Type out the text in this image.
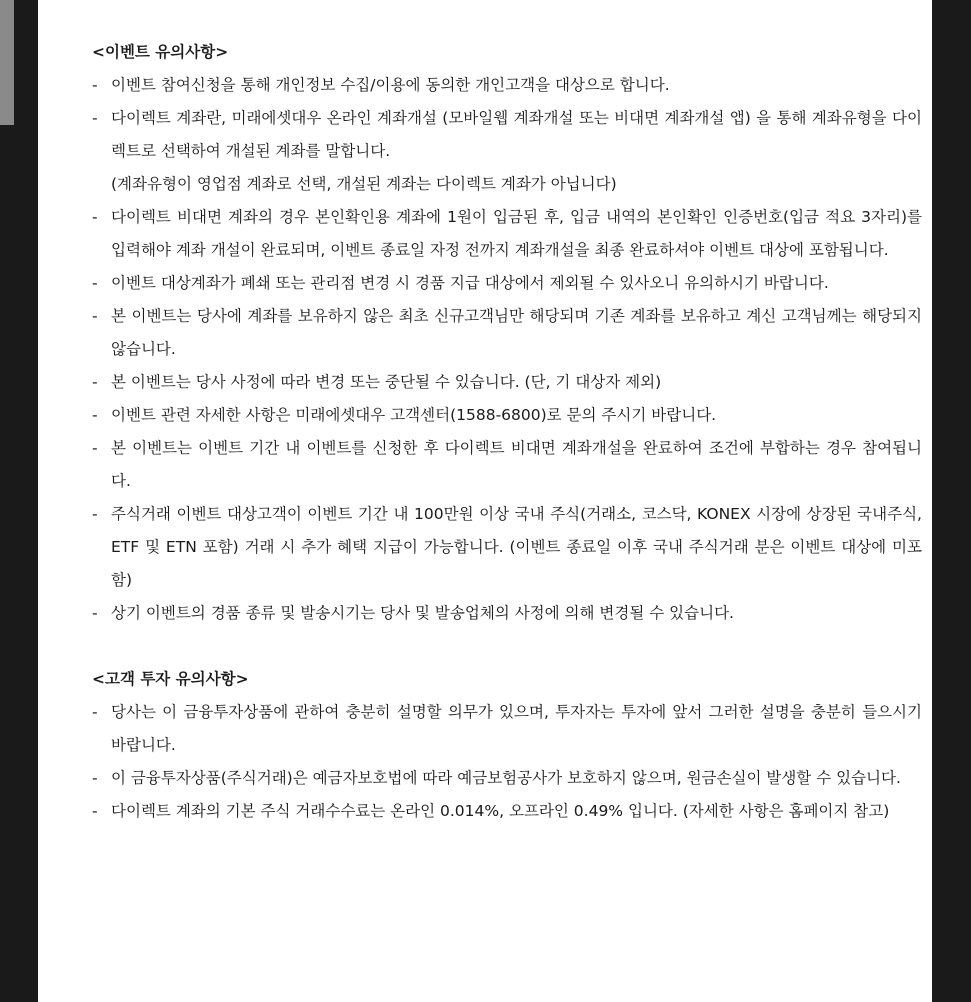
<이벤트 유의사항>
- 이벤트 참여신청을 통해 개인정보 수집/이용에 동의한 개인고객을 대상으로 합니다.
- 다이렉트 계좌란, 미래에셋대우 온라인 계좌개설 (모바일웹 계좌개설 또는 비대면 계좌개설 앱) 을 통해 계좌유형을 다이렉트로 선택하여 개설된 계좌를 말합니다.
(계좌유형이 영업점 계좌로 선택, 개설된 계좌는 다이렉트 계좌가 아닙니다)
- 다이렉트 비대면 계좌의 경우 본인확인용 계좌에 1원이 입금된 후, 입금 내역의 본인확인 인증번호(입금 적요 3자리)를 입력해야 계좌 개설이 완료되며, 이벤트 종료일 자정 전까지 계좌개설을 최종 완료하셔야 이벤트 대상에 포함됩니다.
- 이벤트 대상계좌가 폐쇄 또는 관리점 변경 시 경품 지급 대상에서 제외될 수 있사오니 유의하시기 바랍니다.
- 본 이벤트는 당사에 계좌를 보유하지 않은 최초 신규고객님만 해당되며 기존 계좌를 보유하고 계신 고객님께는 해당되지 않습니다.
- 본 이벤트는 당사 사정에 따라 변경 또는 중단될 수 있습니다. (단, 기 대상자 제외)
- 이벤트 관련 자세한 사항은 미래에셋대우 고객센터(1588-6800)로 문의 주시기 바랍니다.
- 본 이벤트는 이벤트 기간 내 이벤트를 신청한 후 다이렉트 비대면 계좌개설을 완료하여 조건에 부합하는 경우 참여됩니다.
- 주식거래 이벤트 대상고객이 이벤트 기간 내 100만원 이상 국내 주식(거래소, 코스닥, KONEX 시장에 상장된 국내주식, ETF 및 ETN 포함) 거래 시 추가 혜택 지급이 가능합니다. (이벤트 종료일 이후 국내 주식거래 분은 이벤트 대상에 미포함)
- 상기 이벤트의 경품 종류 및 발송시기는 당사 및 발송업체의 사정에 의해 변경될 수 있습니다.
<고객 투자 유의사항>
- 당사는 이 금융투자상품에 관하여 충분히 설명할 의무가 있으며, 투자자는 투자에 앞서 그러한 설명을 충분히 들으시기 바랍니다.
- 이 금융투자상품(주식거래)은 예금자보호법에 따라 예금보험공사가 보호하지 않으며, 원금손실이 발생할 수 있습니다.
- 다이렉트 계좌의 기본 주식 거래수수료는 온라인 0.014%, 오프라인 0.49% 입니다. (자세한 사항은 홈페이지 참고)
